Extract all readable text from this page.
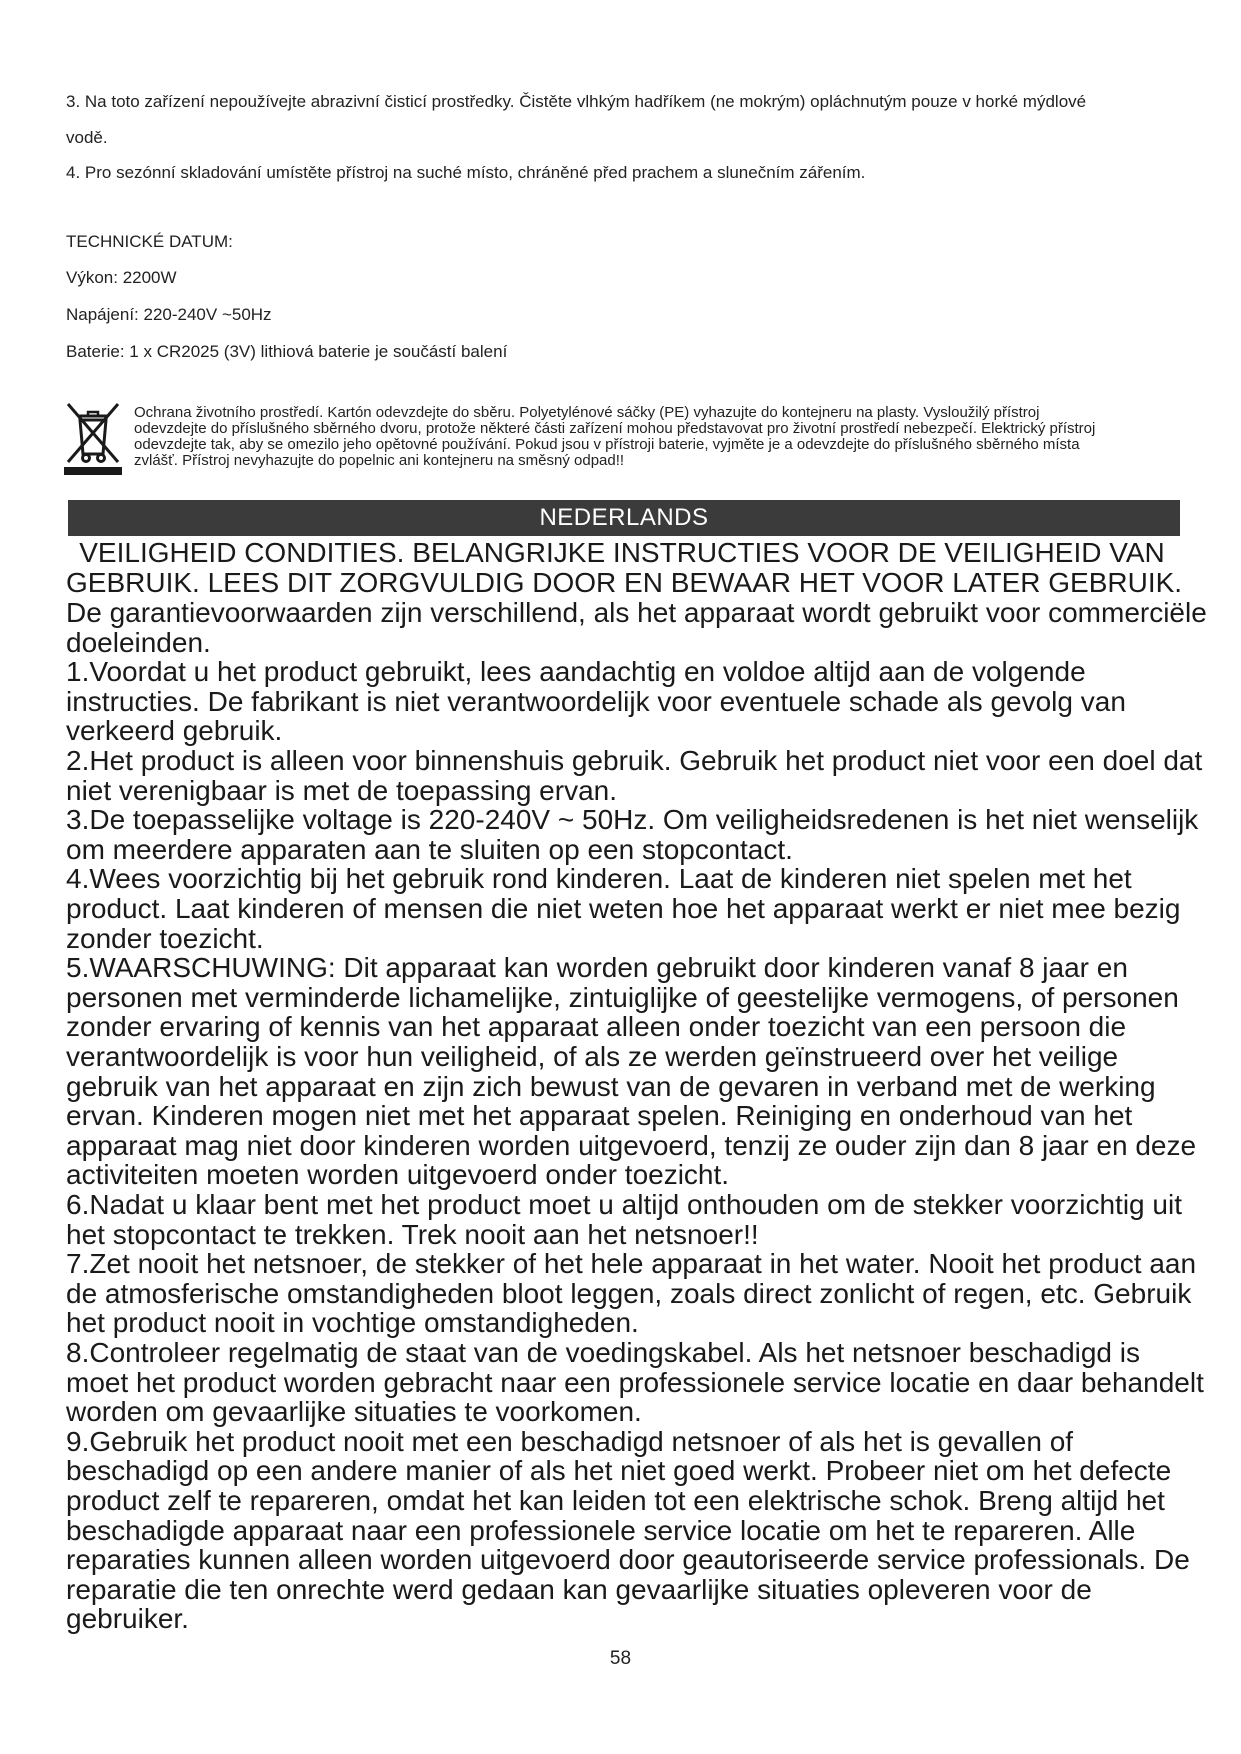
3. Na toto zařízení nepoužívejte abrazivní čisticí prostředky. Čistěte vlhkým hadříkem (ne mokrým) opláchnutým pouze v horké mýdlové
vodě.
4. Pro sezónní skladování umístěte přístroj na suché místo, chráněné před prachem a slunečním zářením.
TECHNICKÉ DATUM:
Výkon: 2200W
Napájení: 220-240V ~50Hz
Baterie: 1 x CR2025 (3V) lithiová baterie je součástí balení
Ochrana životního prostředí. Kartón odevzdejte do sběru. Polyetylénové sáčky (PE) vyhazujte do kontejneru na plasty. Vysloužilý přístroj
odevzdejte do příslušného sběrného dvoru, protože některé části zařízení mohou představovat pro životní prostředí nebezpečí. Elektrický přístroj
odevzdejte tak, aby se omezilo jeho opětovné používání. Pokud jsou v přístroji baterie, vyjměte je a odevzdejte do příslušného sběrného místa
zvlášť. Přístroj nevyhazujte do popelnic ani kontejneru na směsný odpad!!
NEDERLANDS
VEILIGHEID CONDITIES. BELANGRIJKE INSTRUCTIES VOOR DE VEILIGHEID VAN
GEBRUIK. LEES DIT ZORGVULDIG DOOR EN BEWAAR HET VOOR LATER GEBRUIK.
De garantievoorwaarden zijn verschillend, als het apparaat wordt gebruikt voor commerciële
doeleinden.
1.Voordat u het product gebruikt, lees aandachtig en voldoe altijd aan de volgende
instructies. De fabrikant is niet verantwoordelijk voor eventuele schade als gevolg van
verkeerd gebruik.
2.Het product is alleen voor binnenshuis gebruik. Gebruik het product niet voor een doel dat
niet verenigbaar is met de toepassing ervan.
3.De toepasselijke voltage is 220-240V ~ 50Hz. Om veiligheidsredenen is het niet wenselijk
om meerdere apparaten aan te sluiten op een stopcontact.
4.Wees voorzichtig bij het gebruik rond kinderen. Laat de kinderen niet spelen met het
product. Laat kinderen of mensen die niet weten hoe het apparaat werkt er niet mee bezig
zonder toezicht.
5.WAARSCHUWING: Dit apparaat kan worden gebruikt door kinderen vanaf 8 jaar en
personen met verminderde lichamelijke, zintuiglijke of geestelijke vermogens, of personen
zonder ervaring of kennis van het apparaat alleen onder toezicht van een persoon die
verantwoordelijk is voor hun veiligheid, of als ze werden geïnstrueerd over het veilige
gebruik van het apparaat en zijn zich bewust van de gevaren in verband met de werking
ervan. Kinderen mogen niet met het apparaat spelen. Reiniging en onderhoud van het
apparaat mag niet door kinderen worden uitgevoerd, tenzij ze ouder zijn dan 8 jaar en deze
activiteiten moeten worden uitgevoerd onder toezicht.
6.Nadat u klaar bent met het product moet u altijd onthouden om de stekker voorzichtig uit
het stopcontact te trekken. Trek nooit aan het netsnoer!!
7.Zet nooit het netsnoer, de stekker of het hele apparaat in het water. Nooit het product aan
de atmosferische omstandigheden bloot leggen, zoals direct zonlicht of regen, etc. Gebruik
het product nooit in vochtige omstandigheden.
8.Controleer regelmatig de staat van de voedingskabel. Als het netsnoer beschadigd is
moet het product worden gebracht naar een professionele service locatie en daar behandelt
worden om gevaarlijke situaties te voorkomen.
9.Gebruik het product nooit met een beschadigd netsnoer of als het is gevallen of
beschadigd op een andere manier of als het niet goed werkt. Probeer niet om het defecte
product zelf te repareren, omdat het kan leiden tot een elektrische schok. Breng altijd het
beschadigde apparaat naar een professionele service locatie om het te repareren. Alle
reparaties kunnen alleen worden uitgevoerd door geautoriseerde service professionals. De
reparatie die ten onrechte werd gedaan kan gevaarlijke situaties opleveren voor de
gebruiker.
58
